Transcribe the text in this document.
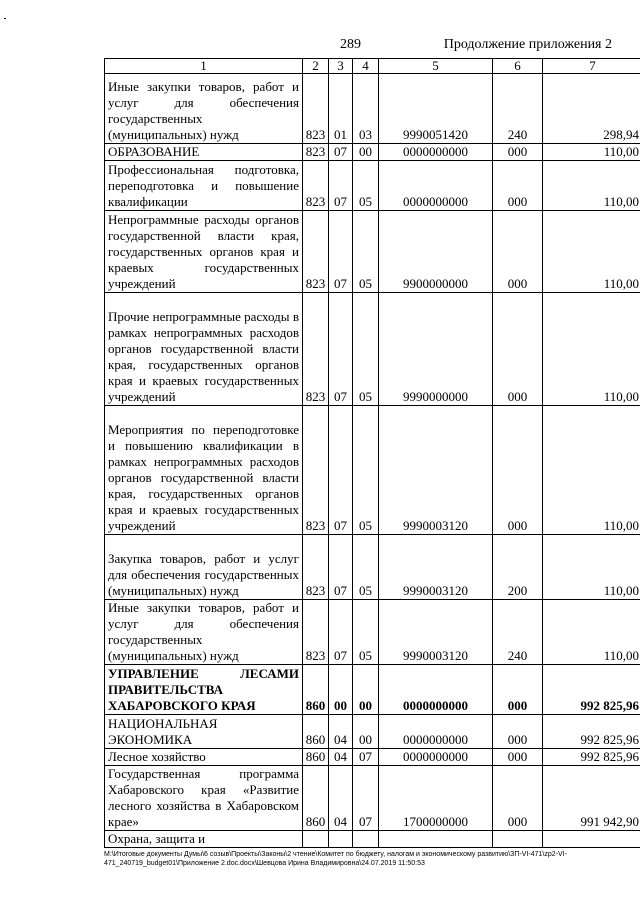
289	Продолжение приложения 2
1	2	3	4	5	6	7
Иные закупки товаров, работ и услуг для обеспечения государственных (муниципальных) нужд	823	01	03	9990051420	240	298,94
ОБРАЗОВАНИЕ	823	07	00	0000000000	000	110,00
Профессиональная подготовка, переподготовка и повышение квалификации	823	07	05	0000000000	000	110,00
Непрограммные расходы органов государственной власти края, государственных органов края и краевых государственных учреждений	823	07	05	9900000000	000	110,00
Прочие непрограммные расходы в рамках непрограммных расходов органов государственной власти края, государственных органов края и краевых государственных учреждений	823	07	05	9990000000	000	110,00
Мероприятия по переподготовке и повышению квалификации в рамках непрограммных расходов органов государственной власти края, государственных органов края и краевых государственных учреждений	823	07	05	9990003120	000	110,00
Закупка товаров, работ и услуг для обеспечения государственных (муниципальных) нужд	823	07	05	9990003120	200	110,00
Иные закупки товаров, работ и услуг для обеспечения государственных (муниципальных) нужд	823	07	05	9990003120	240	110,00
УПРАВЛЕНИЕ ЛЕСАМИ ПРАВИТЕЛЬСТВА ХАБАРОВСКОГО КРАЯ	860	00	00	0000000000	000	992 825,96
НАЦИОНАЛЬНАЯ ЭКОНОМИКА	860	04	00	0000000000	000	992 825,96
Лесное хозяйство	860	04	07	0000000000	000	992 825,96
Государственная программа Хабаровского края «Развитие лесного хозяйства в Хабаровском крае»	860	04	07	1700000000	000	991 942,90
Охрана, защита и						
M:\Итоговые документы Думы\6 созыв\Проекты\Законы\2 чтение\Комитет по бюджету, налогам и экономическому развитию\ЗП-VI-471\zp2-VI-471_240719_budget01\Приложение 2.doc.docx\Шевцова Ирина Владимировна\24.07.2019 11:50:53
